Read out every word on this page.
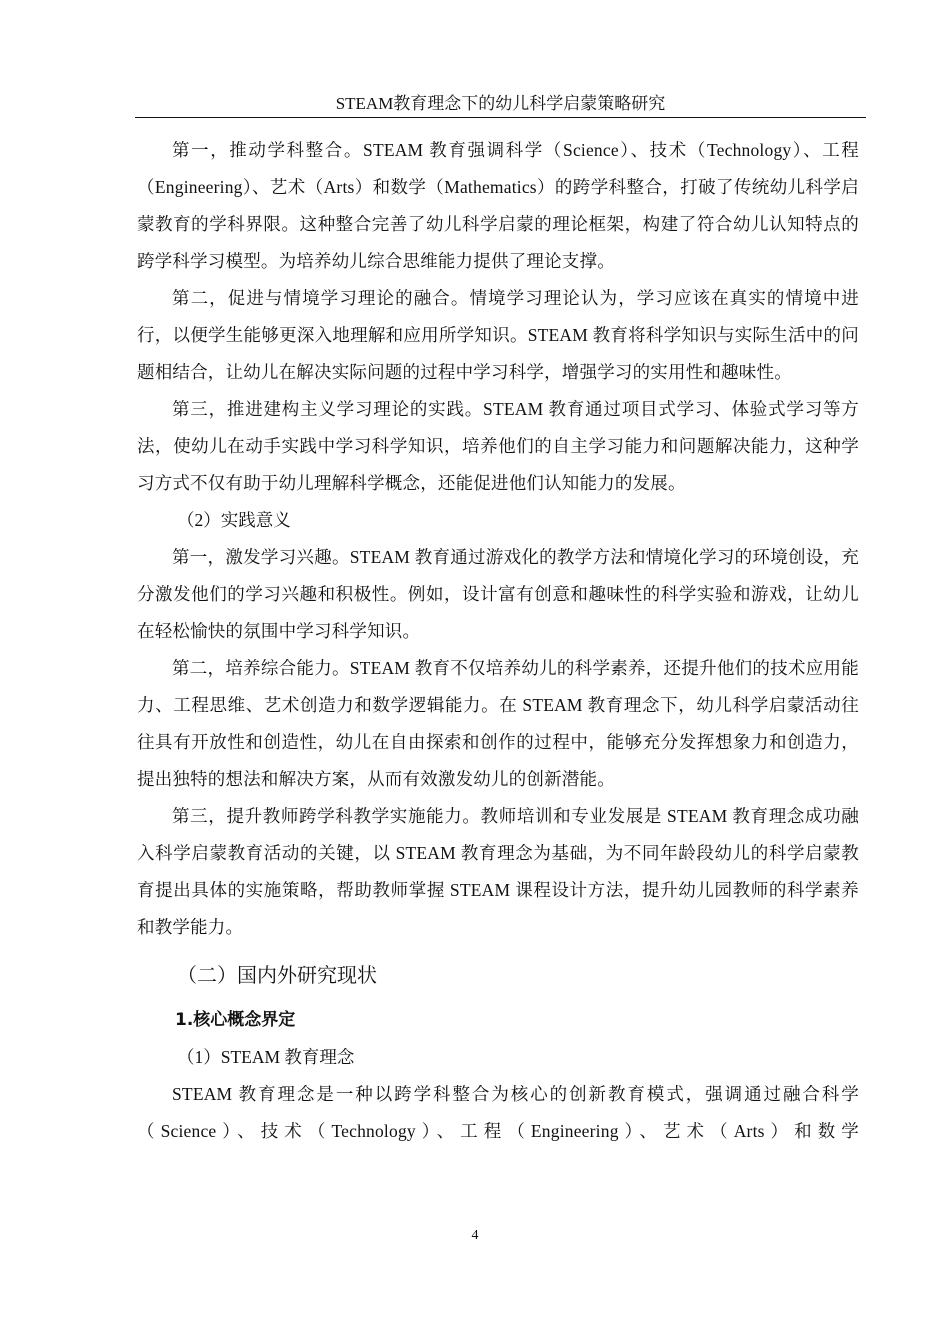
STEAM教育理念下的幼儿科学启蒙策略研究

第一，推动学科整合。STEAM 教育强调科学（Science）、技术（Technology）、工程（Engineering）、艺术（Arts）和数学（Mathematics）的跨学科整合，打破了传统幼儿科学启蒙教育的学科界限。这种整合完善了幼儿科学启蒙的理论框架，构建了符合幼儿认知特点的跨学科学习模型。为培养幼儿综合思维能力提供了理论支撑。

第二，促进与情境学习理论的融合。情境学习理论认为，学习应该在真实的情境中进行，以便学生能够更深入地理解和应用所学知识。STEAM 教育将科学知识与实际生活中的问题相结合，让幼儿在解决实际问题的过程中学习科学，增强学习的实用性和趣味性。

第三，推进建构主义学习理论的实践。STEAM 教育通过项目式学习、体验式学习等方法，使幼儿在动手实践中学习科学知识，培养他们的自主学习能力和问题解决能力，这种学习方式不仅有助于幼儿理解科学概念，还能促进他们认知能力的发展。

（2）实践意义

第一，激发学习兴趣。STEAM 教育通过游戏化的教学方法和情境化学习的环境创设，充分激发他们的学习兴趣和积极性。例如，设计富有创意和趣味性的科学实验和游戏，让幼儿在轻松愉快的氛围中学习科学知识。

第二，培养综合能力。STEAM 教育不仅培养幼儿的科学素养，还提升他们的技术应用能力、工程思维、艺术创造力和数学逻辑能力。在 STEAM 教育理念下，幼儿科学启蒙活动往往具有开放性和创造性，幼儿在自由探索和创作的过程中，能够充分发挥想象力和创造力，提出独特的想法和解决方案，从而有效激发幼儿的创新潜能。

第三，提升教师跨学科教学实施能力。教师培训和专业发展是 STEAM 教育理念成功融入科学启蒙教育活动的关键，以 STEAM 教育理念为基础，为不同年龄段幼儿的科学启蒙教育提出具体的实施策略，帮助教师掌握 STEAM 课程设计方法，提升幼儿园教师的科学素养和教学能力。

（二）国内外研究现状
1.核心概念界定

（1）STEAM 教育理念

STEAM 教育理念是一种以跨学科整合为核心的创新教育模式，强调通过融合科学（Science）、技术（Technology）、工程（Engineering）、艺术（Arts）和数学

4
